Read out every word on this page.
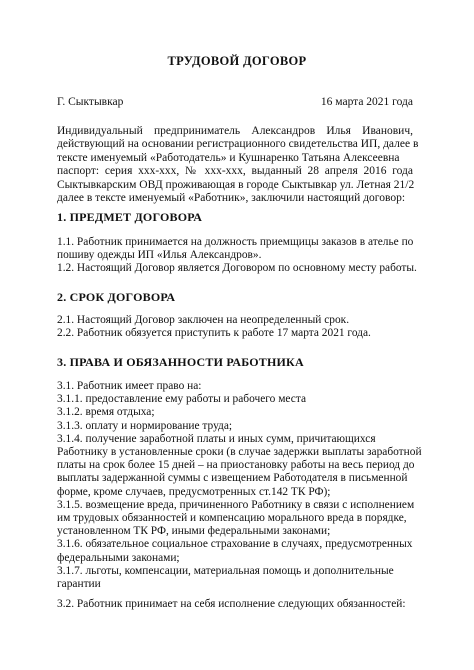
ТРУДОВОЙ ДОГОВОР
Г. Сыктывкар	16 марта 2021 года
Индивидуальный предприниматель Александров Илья Иванович,
действующий на основании регистрационного свидетельства ИП, далее в
тексте именуемый «Работодатель» и Кушнаренко Татьяна Алексеевна
паспорт: серия ххх-ххх, № ххх-ххх, выданный 28 апреля 2016 года
Сыктывкарским ОВД проживающая в городе Сыктывкар ул. Летная 21/2
далее в тексте именуемый «Работник», заключили настоящий договор:
1. ПРЕДМЕТ ДОГОВОРА
1.1. Работник принимается на должность приемщицы заказов в ателье по
пошиву одежды ИП «Илья Александров».
1.2. Настоящий Договор является Договором по основному месту работы.
2. СРОК ДОГОВОРА
2.1. Настоящий Договор заключен на неопределенный срок.
2.2. Работник обязуется приступить к работе 17 марта 2021 года.
3. ПРАВА И ОБЯЗАННОСТИ РАБОТНИКА
3.1. Работник имеет право на:
3.1.1. предоставление ему работы и рабочего места
3.1.2. время отдыха;
3.1.3. оплату и нормирование труда;
3.1.4. получение заработной платы и иных сумм, причитающихся
Работнику в установленные сроки (в случае задержки выплаты заработной
платы на срок более 15 дней – на приостановку работы на весь период до
выплаты задержанной суммы с извещением Работодателя в письменной
форме, кроме случаев, предусмотренных ст.142 ТК РФ);
3.1.5. возмещение вреда, причиненного Работнику в связи с исполнением
им трудовых обязанностей и компенсацию морального вреда в порядке,
установленном ТК РФ, иными федеральными законами;
3.1.6. обязательное социальное страхование в случаях, предусмотренных
федеральными законами;
3.1.7. льготы, компенсации, материальная помощь и дополнительные
гарантии
3.2. Работник принимает на себя исполнение следующих обязанностей:
